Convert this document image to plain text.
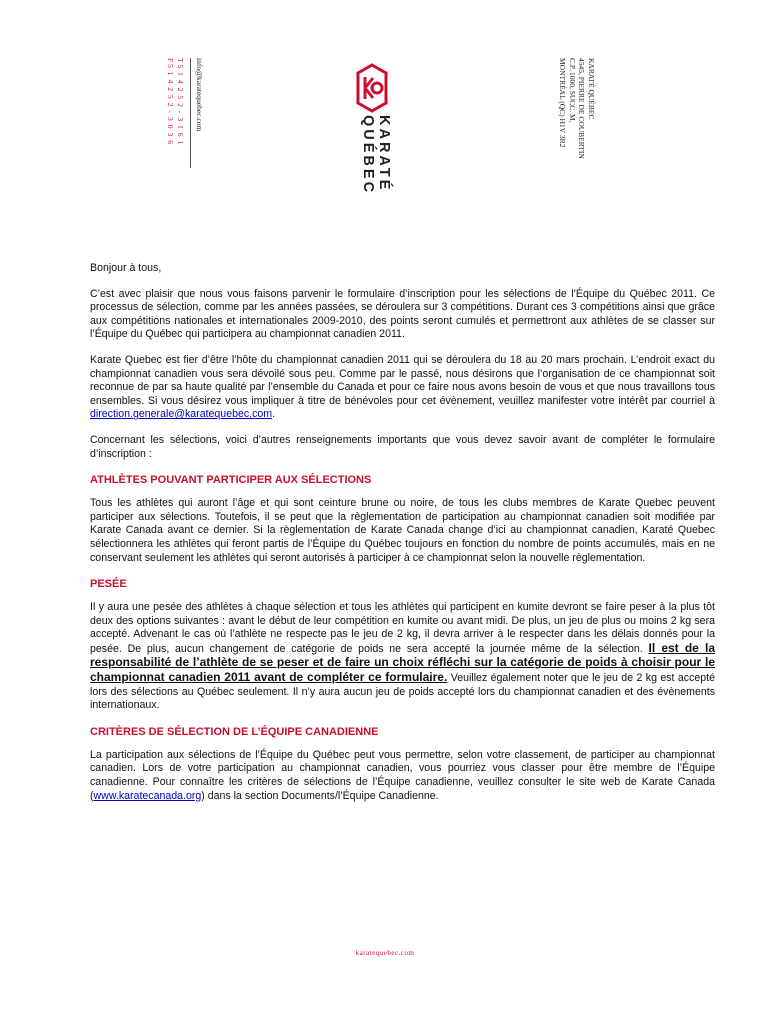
T 514252-3161
F 514252-3036	info@karatequebec.com
KARATÉ
QUÉBEC
KARATÉ QUÉBEC
4545, PIERRE DE COUBERTIN
C.P. 1000, SUCC. M,
MONTRÉAL (QC) H1V 3R2

Bonjour à tous,

C’est avec plaisir que nous vous faisons parvenir le formulaire d’inscription pour les sélections de l’Équipe du Québec 2011. Ce processus de sélection, comme par les années passées, se déroulera sur 3 compétitions. Durant ces 3 compétitions ainsi que grâce aux compétitions nationales et internationales 2009-2010, des points seront cumulés et permettront aux athlètes de se classer sur l’Équipe du Québec qui participera au championnat canadien 2011.

Karate Quebec est fier d’être l’hôte du championnat canadien 2011 qui se déroulera du 18 au 20 mars prochain. L’endroit exact du championnat canadien vous sera dévoilé sous peu. Comme par le passé, nous désirons que l’organisation de ce championnat soit reconnue de par sa haute qualité par l’ensemble du Canada et pour ce faire nous avons besoin de vous et que nous travaillons tous ensembles. Si vous désirez vous impliquer à titre de bénévoles pour cet évènement, veuillez manifester votre intérêt par courriel à direction.generale@karatequebec.com.

Concernant les sélections, voici d’autres renseignements importants que vous devez savoir avant de compléter le formulaire d’inscription :

ATHLÈTES POUVANT PARTICIPER AUX SÉLECTIONS

Tous les athlètes qui auront l’âge et qui sont ceinture brune ou noire, de tous les clubs membres de Karate Quebec peuvent participer aux sélections. Toutefois, il se peut que la règlementation de participation au championnat canadien soit modifiée par Karate Canada avant ce dernier. Si la règlementation de Karate Canada change d’ici au championnat canadien, Karaté Quebec sélectionnera les athlètes qui feront partis de l’Équipe du Québec toujours en fonction du nombre de points accumulés, mais en ne conservant seulement les athlètes qui seront autorisés à participer à ce championnat selon la nouvelle règlementation.

PESÉE

Il y aura une pesée des athlètes à chaque sélection et tous les athlètes qui participent en kumite devront se faire peser à la plus tôt deux des options suivantes : avant le début de leur compétition en kumite ou avant midi. De plus, un jeu de plus ou moins 2 kg sera accepté. Advenant le cas où l’athlète ne respecte pas le jeu de 2 kg, il devra arriver à le respecter dans les délais donnés pour la pesée. De plus, aucun changement de catégorie de poids ne sera accepté la journée même de la sélection. Il est de la responsabilité de l’athlète de se peser et de faire un choix réfléchi sur la catégorie de poids à choisir pour le championnat canadien 2011 avant de compléter ce formulaire. Veuillez également noter que le jeu de 2 kg est accepté lors des sélections au Québec seulement. Il n’y aura aucun jeu de poids accepté lors du championnat canadien et des évènements internationaux.

CRITÈRES DE SÉLECTION DE L’ÉQUIPE CANADIENNE

La participation aux sélections de l’Équipe du Québec peut vous permettre, selon votre classement, de participer au championnat canadien. Lors de votre participation au championnat canadien, vous pourriez vous classer pour être membre de l’Équipe canadienne. Pour connaître les critères de sélections de l’Équipe canadienne, veuillez consulter le site web de Karate Canada (www.karatecanada.org) dans la section Documents/l’Équipe Canadienne.

karatequebec.com
